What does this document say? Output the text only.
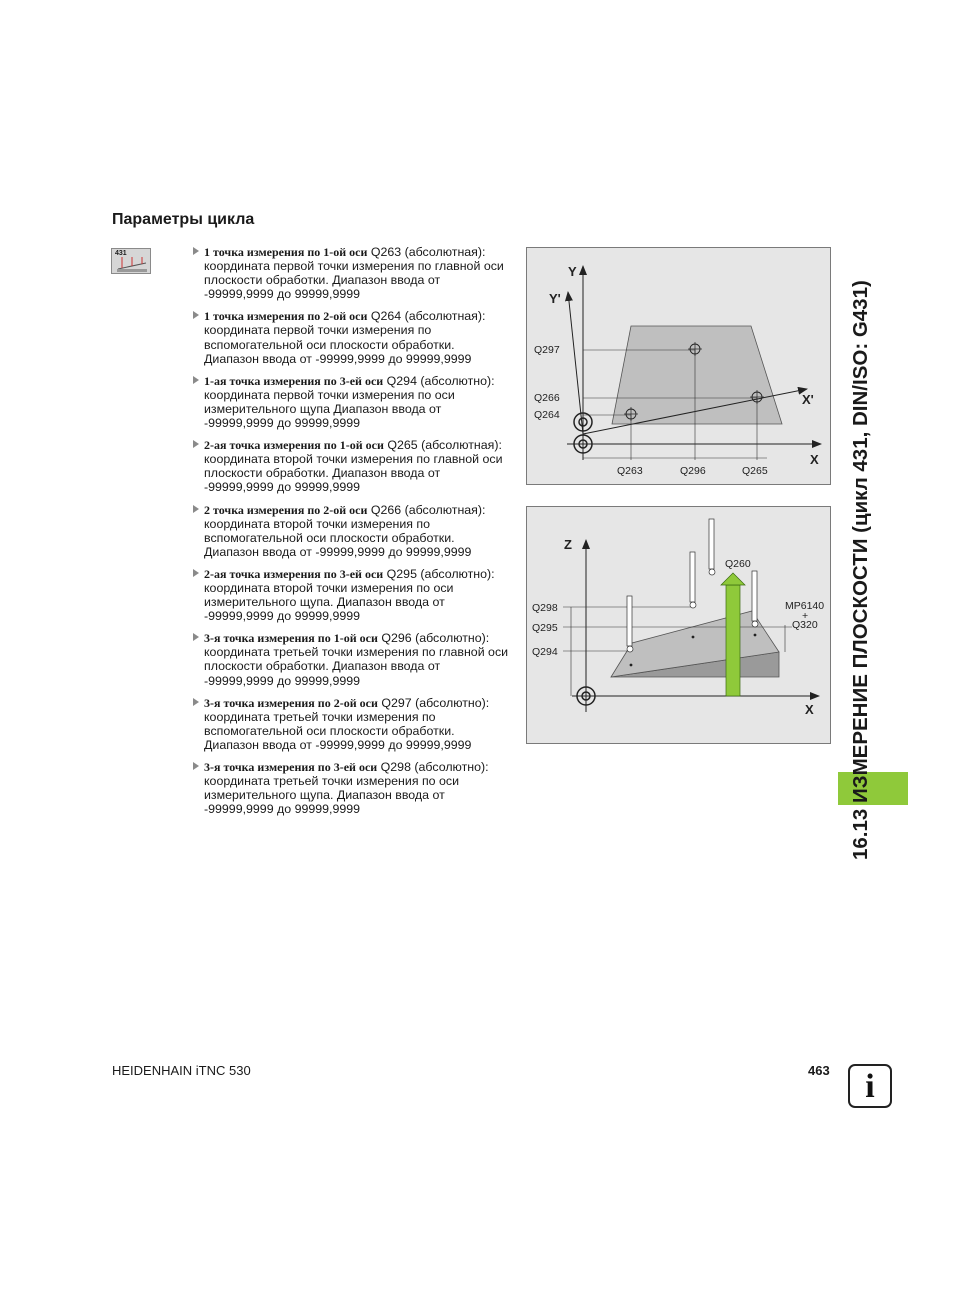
Параметры цикла
431	1 точка измерения по 1-ой оси Q263 (абсолютная): координата первой точки измерения по главной оси плоскости обработки. Диапазон ввода от -99999,9999 до 99999,9999
1 точка измерения по 2-ой оси Q264 (абсолютная): координата первой точки измерения по вспомогательной оси плоскости обработки. Диапазон ввода от -99999,9999 до 99999,9999
1-ая точка измерения по 3-ей оси Q294 (абсолютно): координата первой точки измерения по оси измерительного щупа Диапазон ввода от -99999,9999 до 99999,9999
2-ая точка измерения по 1-ой оси Q265 (абсолютная): координата второй точки измерения по главной оси плоскости обработки. Диапазон ввода от -99999,9999 до 99999,9999
2 точка измерения по 2-ой оси Q266 (абсолютная): координата второй точки измерения по вспомогательной оси плоскости обработки. Диапазон ввода от -99999,9999 до 99999,9999
2-ая точка измерения по 3-ей оси Q295 (абсолютно): координата второй точки измерения по оси измерительного щупа. Диапазон ввода от -99999,9999 до 99999,9999
3-я точка измерения по 1-ой оси Q296 (абсолютно): координата третьей точки измерения по главной оси плоскости обработки. Диапазон ввода от -99999,9999 до 99999,9999
3-я точка измерения по 2-ой оси Q297 (абсолютно): координата третьей точки измерения по вспомогательной оси плоскости обработки. Диапазон ввода от -99999,9999 до 99999,9999
3-я точка измерения по 3-ей оси Q298 (абсолютно): координата третьей точки измерения по оси измерительного щупа. Диапазон ввода от -99999,9999 до 99999,9999
Y
Y'
X
X'
Q297
Q266
Q264
Q263	Q296	Q265
Z
X
Q298
Q295
Q294
Q260
MP6140
+
Q320	16.13 ИЗМЕРЕНИЕ ПЛОСКОСТИ (цикл 431, DIN/ISO: G431)
HEIDENHAIN iTNC 530	463	i
